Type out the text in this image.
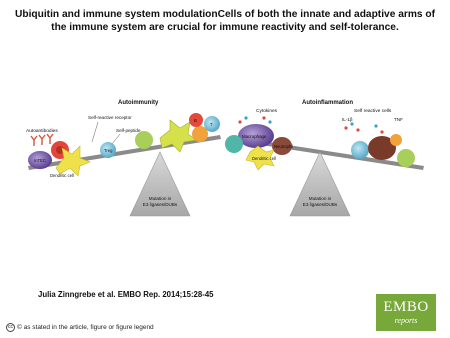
Ubiquitin and immune system modulationCells of both the innate and adaptive arms of the immune system are crucial for immune reactivity and self-tolerance.
Autoimmunity
Mutation in
E3 ligases/DUBs
Autoantibodies
mTEC
Dendritic cell
Self-reactive receptor
Self-peptide
Treg
T
B
Autoinflammation
Mutation in
E3 ligases/DUBs
Cytokines
Macrophage
Neutrophil
Dendritic cell
Self reactive cells
IL-1β	TNF
Julia Zinngrebe et al. EMBO Rep. 2014;15:28-45
cc © as stated in the article, figure or figure legend
EMBO
reports
